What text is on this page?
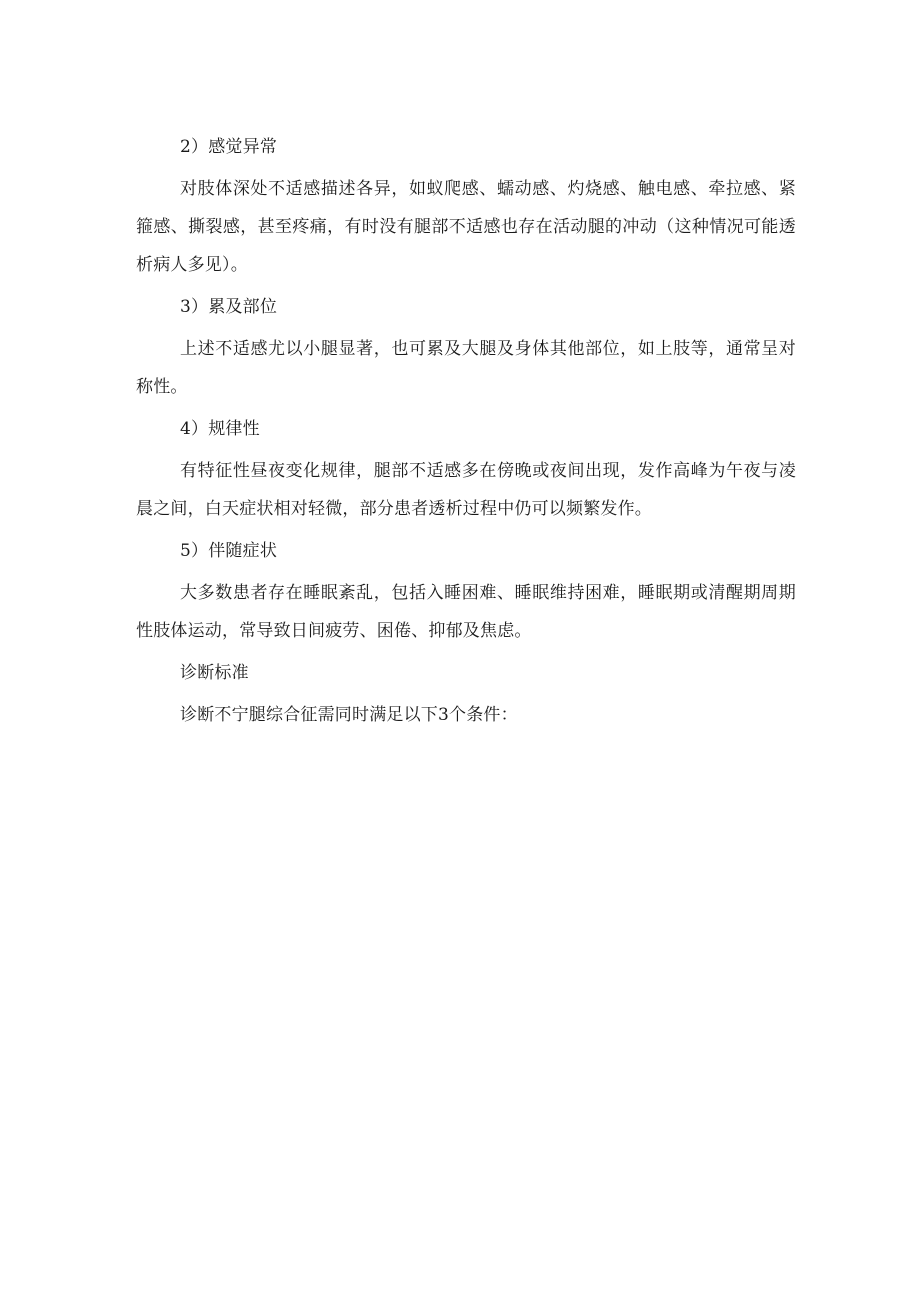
2）感觉异常

对肢体深处不适感描述各异，如蚁爬感、蠕动感、灼烧感、触电感、牵拉感、紧箍感、撕裂感，甚至疼痛，有时没有腿部不适感也存在活动腿的冲动（这种情况可能透析病人多见）。

3）累及部位

上述不适感尤以小腿显著，也可累及大腿及身体其他部位，如上肢等，通常呈对称性。

4）规律性

有特征性昼夜变化规律，腿部不适感多在傍晚或夜间出现，发作高峰为午夜与凌晨之间，白天症状相对轻微，部分患者透析过程中仍可以频繁发作。

5）伴随症状

大多数患者存在睡眠紊乱，包括入睡困难、睡眠维持困难，睡眠期或清醒期周期性肢体运动，常导致日间疲劳、困倦、抑郁及焦虑。

诊断标准

诊断不宁腿综合征需同时满足以下3个条件：
